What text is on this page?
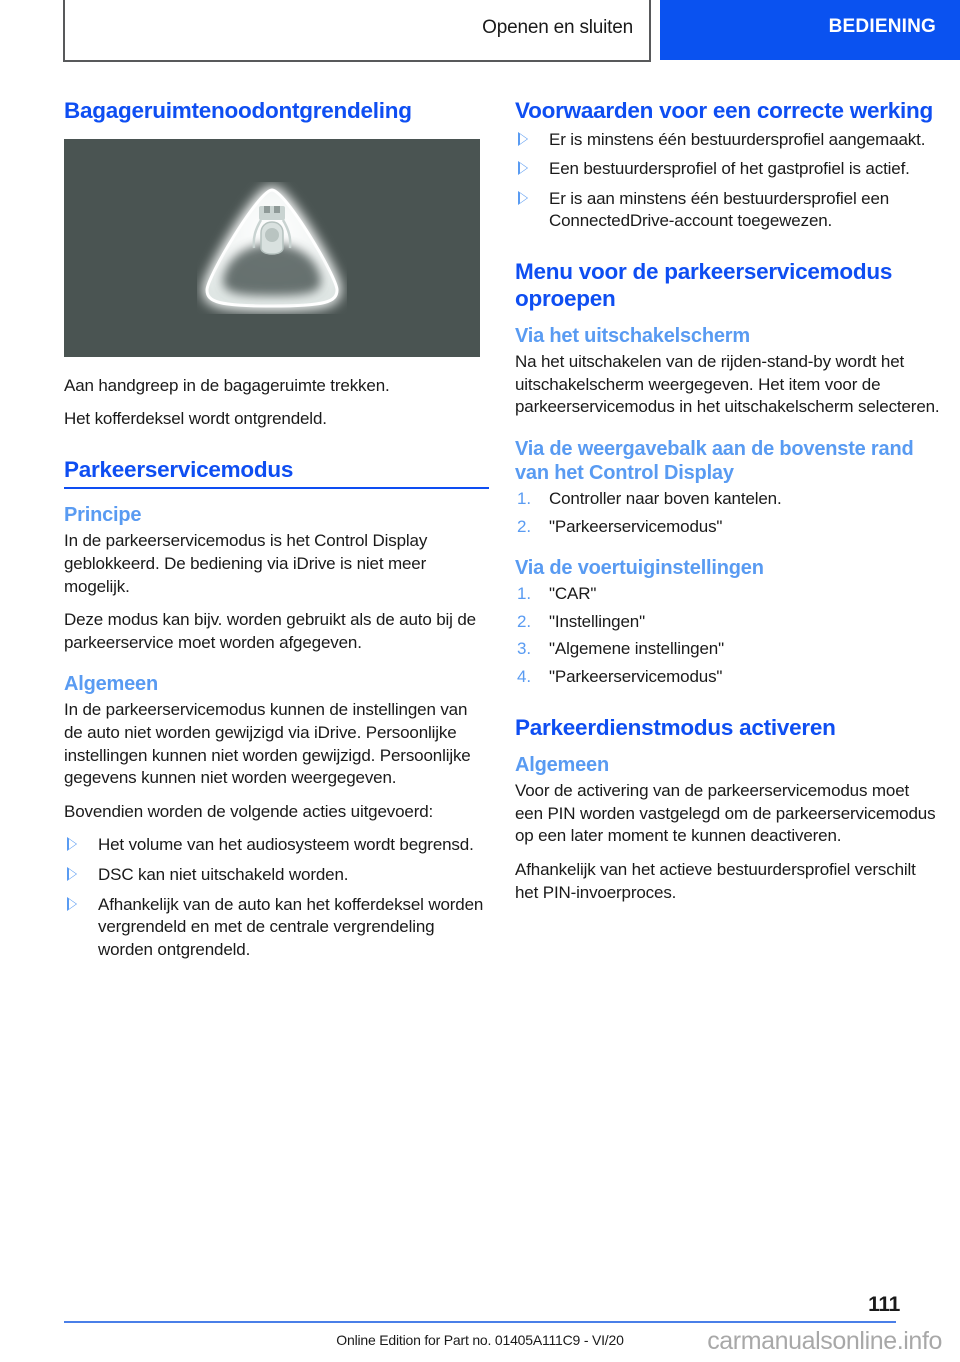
Openen en sluiten	BEDIENING
Bagageruimtenoodontgrendeling

Aan handgreep in de bagageruimte trekken.

Het kofferdeksel wordt ontgrendeld.

Parkeerservicemodus
Principe

In de parkeerservicemodus is het Control Display geblokkeerd. De bediening via iDrive is niet meer mogelijk.

Deze modus kan bijv. worden gebruikt als de auto bij de parkeerservice moet worden afgegeven.

Algemeen

In de parkeerservicemodus kunnen de instellingen van de auto niet worden gewijzigd via iDrive. Persoonlijke instellingen kunnen niet worden gewijzigd. Persoonlijke gegevens kunnen niet worden weergegeven.

Bovendien worden de volgende acties uitgevoerd:

Het volume van het audiosysteem wordt begrensd.
DSC kan niet uitschakeld worden.
Afhankelijk van de auto kan het kofferdeksel worden vergrendeld en met de centrale vergrendeling worden ontgrendeld.
Voorwaarden voor een correcte werking
Er is minstens één bestuurdersprofiel aangemaakt.
Een bestuurdersprofiel of het gastprofiel is actief.
Er is aan minstens één bestuurdersprofiel een ConnectedDrive-account toegewezen.
Menu voor de parkeerservicemodus oproepen
Via het uitschakelscherm

Na het uitschakelen van de rijden-stand-by wordt het uitschakelscherm weergegeven. Het item voor de parkeerservicemodus in het uitschakelscherm selecteren.

Via de weergavebalk aan de bovenste rand van het Control Display
Controller naar boven kantelen.
"Parkeerservicemodus"
Via de voertuiginstellingen
"CAR"
"Instellingen"
"Algemene instellingen"
"Parkeerservicemodus"
Parkeerdienstmodus activeren
Algemeen

Voor de activering van de parkeerservicemodus moet een PIN worden vastgelegd om de parkeerservicemodus op een later moment te kunnen deactiveren.

Afhankelijk van het actieve bestuurdersprofiel verschilt het PIN-invoerproces.

111
Online Edition for Part no. 01405A111C9 - VI/20	carmanualsonline.info
